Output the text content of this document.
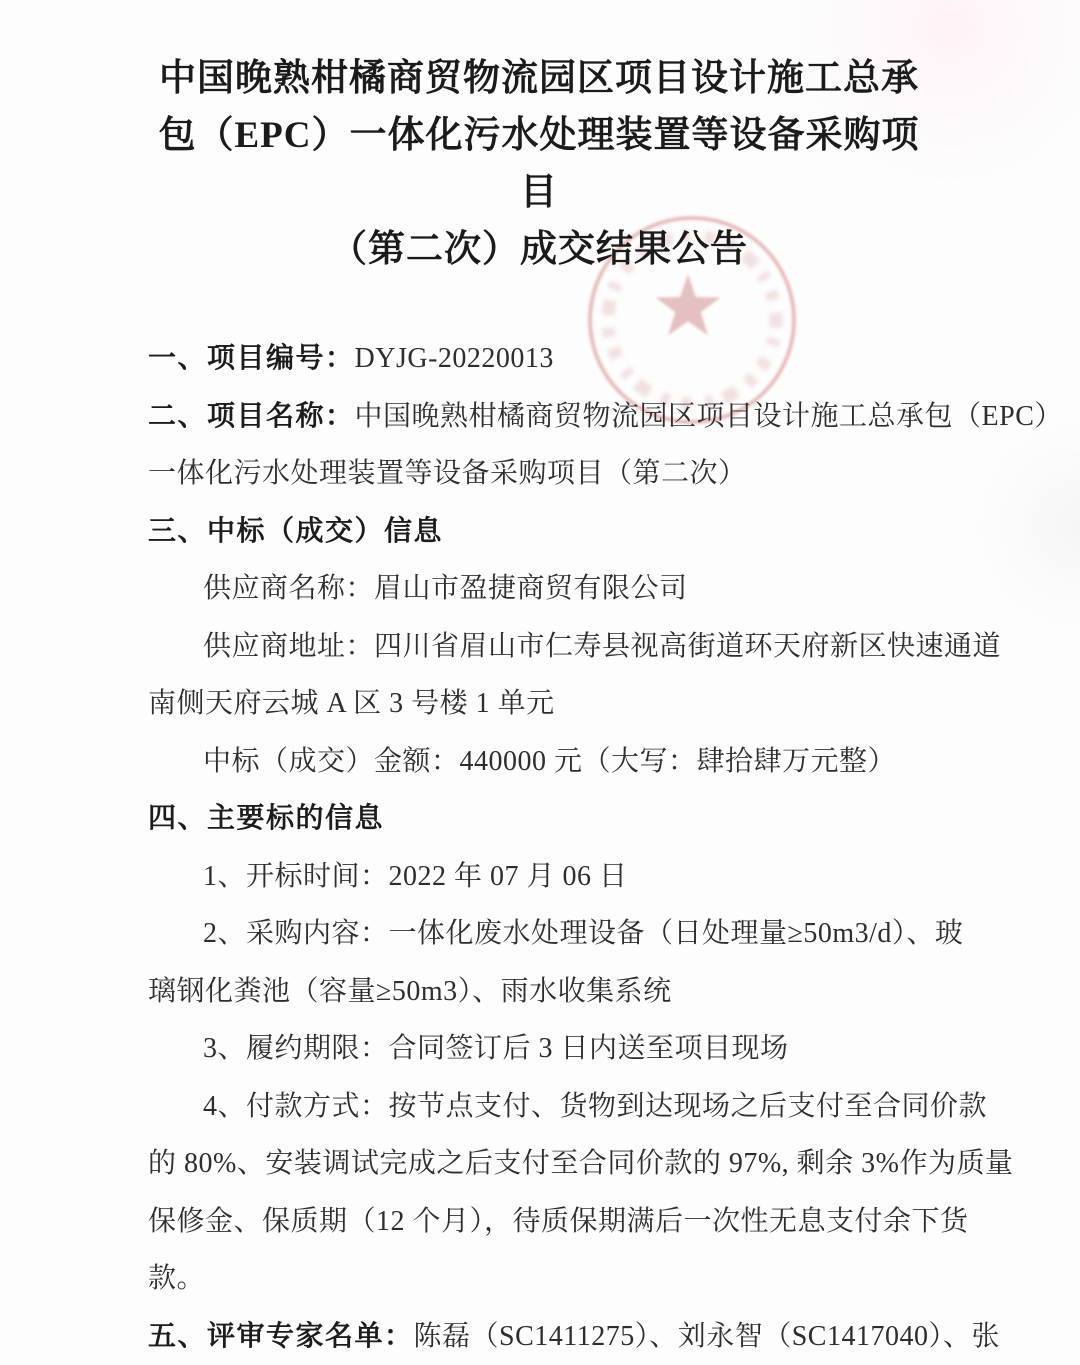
中国晚熟柑橘商贸物流园区项目设计施工总承
包（EPC）一体化污水处理装置等设备采购项目
（第二次）成交结果公告
一、项目编号：DYJG-20220013
二、项目名称：中国晚熟柑橘商贸物流园区项目设计施工总承包（EPC）
一体化污水处理装置等设备采购项目（第二次）
三、中标（成交）信息
供应商名称：眉山市盈捷商贸有限公司
供应商地址：四川省眉山市仁寿县视高街道环天府新区快速通道
南侧天府云城 A 区 3 号楼 1 单元
中标（成交）金额：440000 元（大写：肆拾肆万元整）
四、主要标的信息
1、开标时间：2022 年 07 月 06 日
2、采购内容：一体化废水处理设备（日处理量≥50m3/d）、玻
璃钢化粪池（容量≥50m3）、雨水收集系统
3、履约期限：合同签订后 3 日内送至项目现场
4、付款方式：按节点支付、货物到达现场之后支付至合同价款
的 80%、安装调试完成之后支付至合同价款的 97%, 剩余 3%作为质量
保修金、保质期（12 个月），待质保期满后一次性无息支付余下货
款。
五、评审专家名单：陈磊（SC1411275）、刘永智（SC1417040）、张
